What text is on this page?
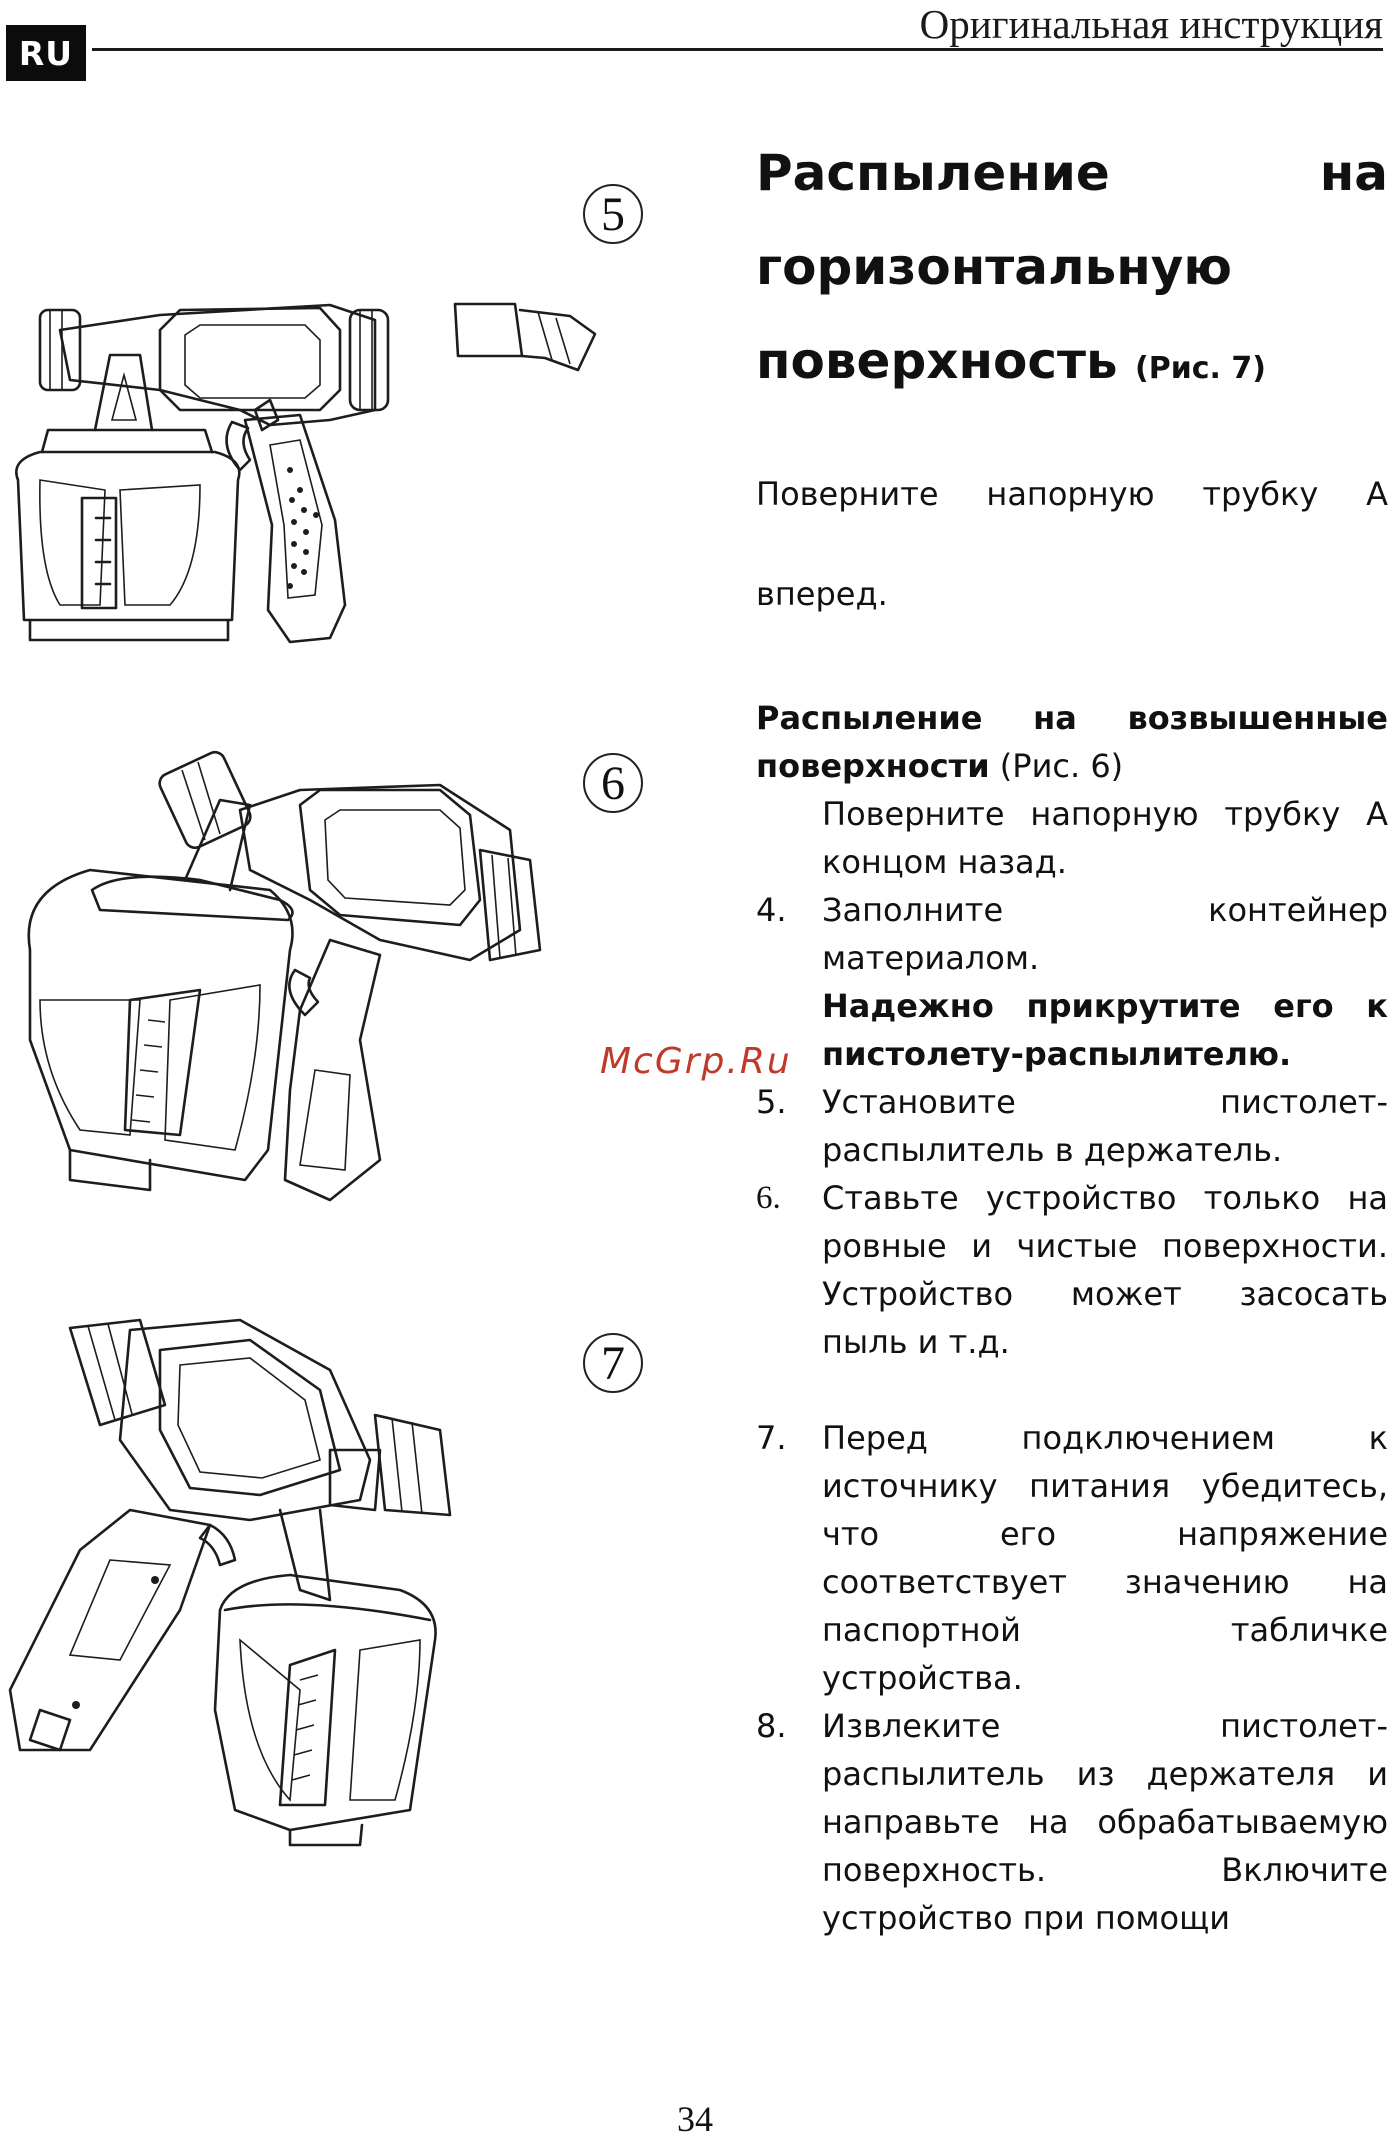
RU
Оригинальная инструкция
5
6
7

Распыление на

горизонтальную

поверхность (Рис. 7)

Поверните напорную трубку А

вперед.

Распыление на возвышенные поверхности (Рис. 6)

Поверните напорную трубку А концом назад.

4. Заполните контейнер материалом.
Надежно прикрутите его к пистолету-распылителю.
5. Установите пистолет-распылитель в держатель.
6. Ставьте устройство только на ровные и чистые поверхности. Устройство может засосать пыль и т.д.
7. Перед подключением к источнику питания убедитесь, что его напряжение соответствует значению на паспортной табличке устройства.
8. Извлеките пистолет-распылитель из держателя и направьте на обрабатываемую поверхность. Включите устройство при помощи
McGrp.Ru
34
